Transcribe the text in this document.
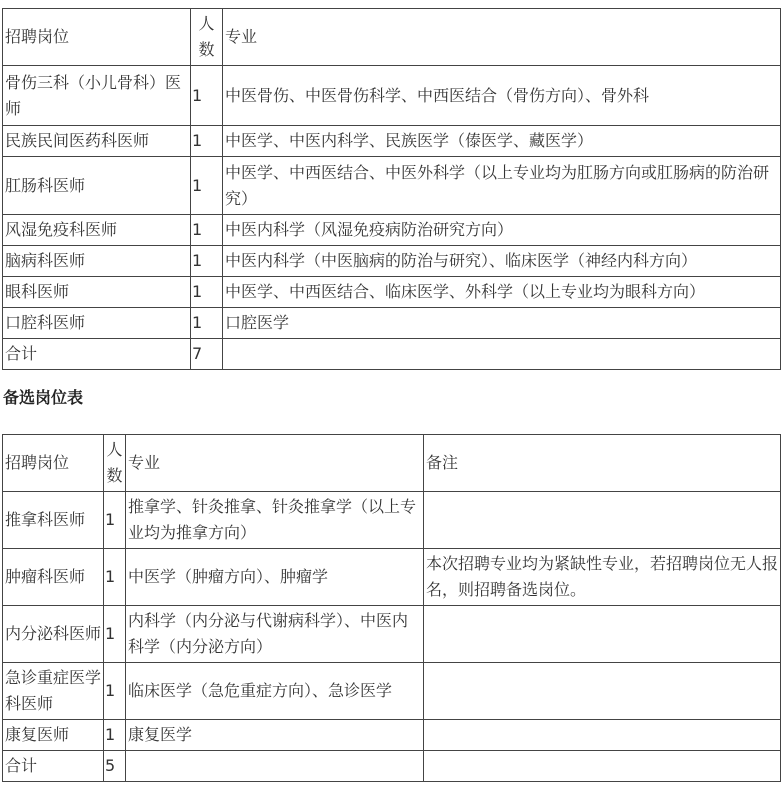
招聘岗位	人数	专业
骨伤三科（小儿骨科）医师	1	中医骨伤、中医骨伤科学、中西医结合（骨伤方向）、骨外科
民族民间医药科医师	1	中医学、中医内科学、民族医学（傣医学、藏医学）
肛肠科医师	1	中医学、中西医结合、中医外科学（以上专业均为肛肠方向或肛肠病的防治研究）
风湿免疫科医师	1	中医内科学（风湿免疫病防治研究方向）
脑病科医师	1	中医内科学（中医脑病的防治与研究）、临床医学（神经内科方向）
眼科医师	1	中医学、中西医结合、临床医学、外科学（以上专业均为眼科方向）
口腔科医师	1	口腔医学
合计	7	
备选岗位表
招聘岗位	人数	专业	备注
推拿科医师	1	推拿学、针灸推拿、针灸推拿学（以上专业均为推拿方向）	
肿瘤科医师	1	中医学（肿瘤方向）、肿瘤学	本次招聘专业均为紧缺性专业，若招聘岗位无人报名，则招聘备选岗位。
内分泌科医师	1	内科学（内分泌与代谢病科学）、中医内科学（内分泌方向）	
急诊重症医学科医师	1	临床医学（急危重症方向）、急诊医学	
康复医师	1	康复医学	
合计	5		
